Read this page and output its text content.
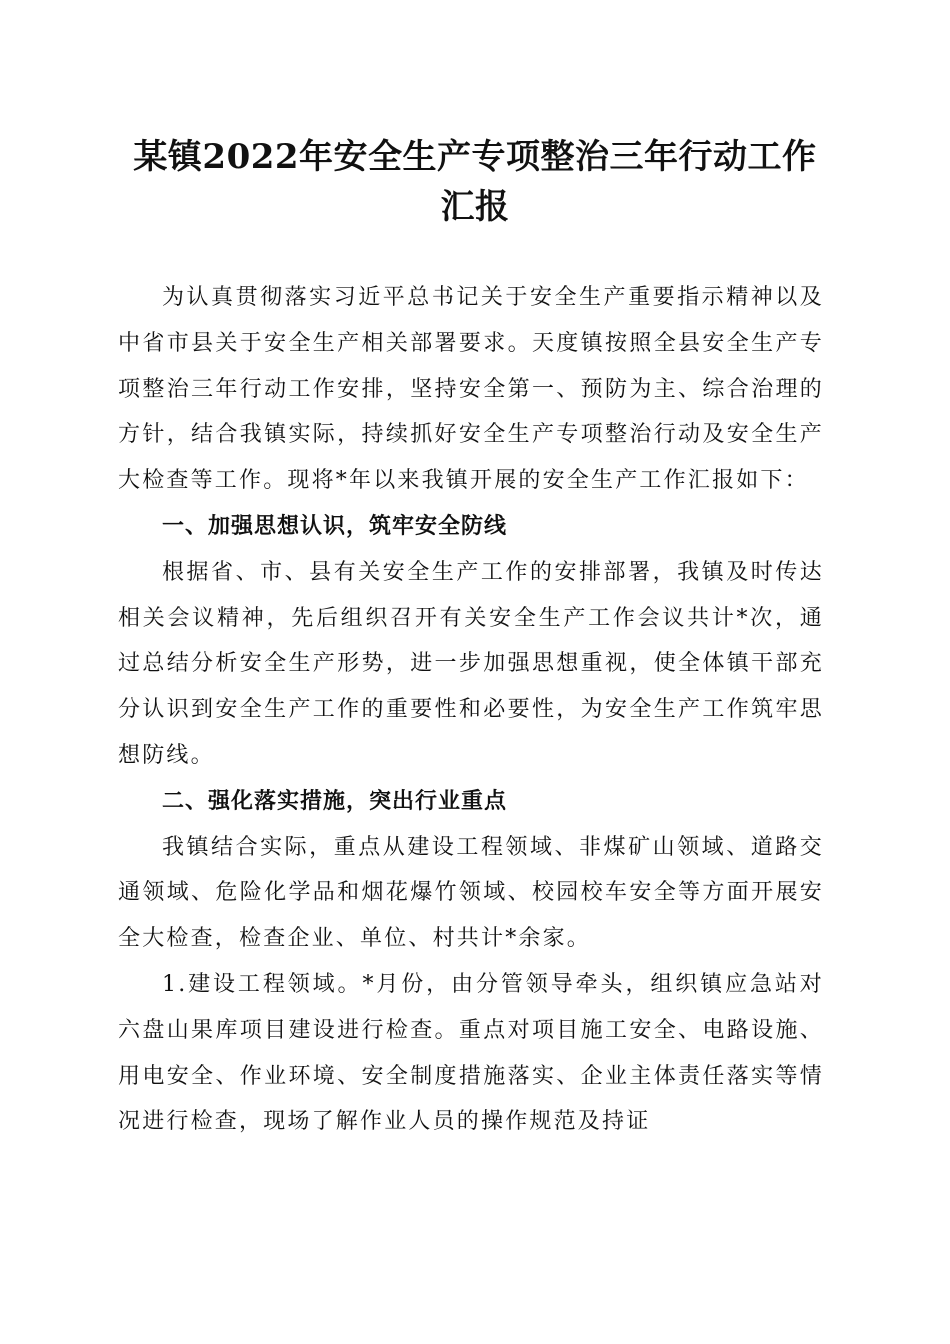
某镇2022年安全生产专项整治三年行动工作
汇报

为认真贯彻落实习近平总书记关于安全生产重要指示精神以及中省市县关于安全生产相关部署要求。天度镇按照全县安全生产专项整治三年行动工作安排，坚持安全第一、预防为主、综合治理的方针，结合我镇实际，持续抓好安全生产专项整治行动及安全生产大检查等工作。现将*年以来我镇开展的安全生产工作汇报如下：

一、加强思想认识，筑牢安全防线

根据省、市、县有关安全生产工作的安排部署，我镇及时传达相关会议精神，先后组织召开有关安全生产工作会议共计*次，通过总结分析安全生产形势，进一步加强思想重视，使全体镇干部充分认识到安全生产工作的重要性和必要性，为安全生产工作筑牢思想防线。

二、强化落实措施，突出行业重点

我镇结合实际，重点从建设工程领域、非煤矿山领域、道路交通领域、危险化学品和烟花爆竹领域、校园校车安全等方面开展安全大检查，检查企业、单位、村共计*余家。

1.建设工程领域。*月份，由分管领导牵头，组织镇应急站对六盘山果库项目建设进行检查。重点对项目施工安全、电路设施、用电安全、作业环境、安全制度措施落实、企业主体责任落实等情况进行检查，现场了解作业人员的操作规范及持证
